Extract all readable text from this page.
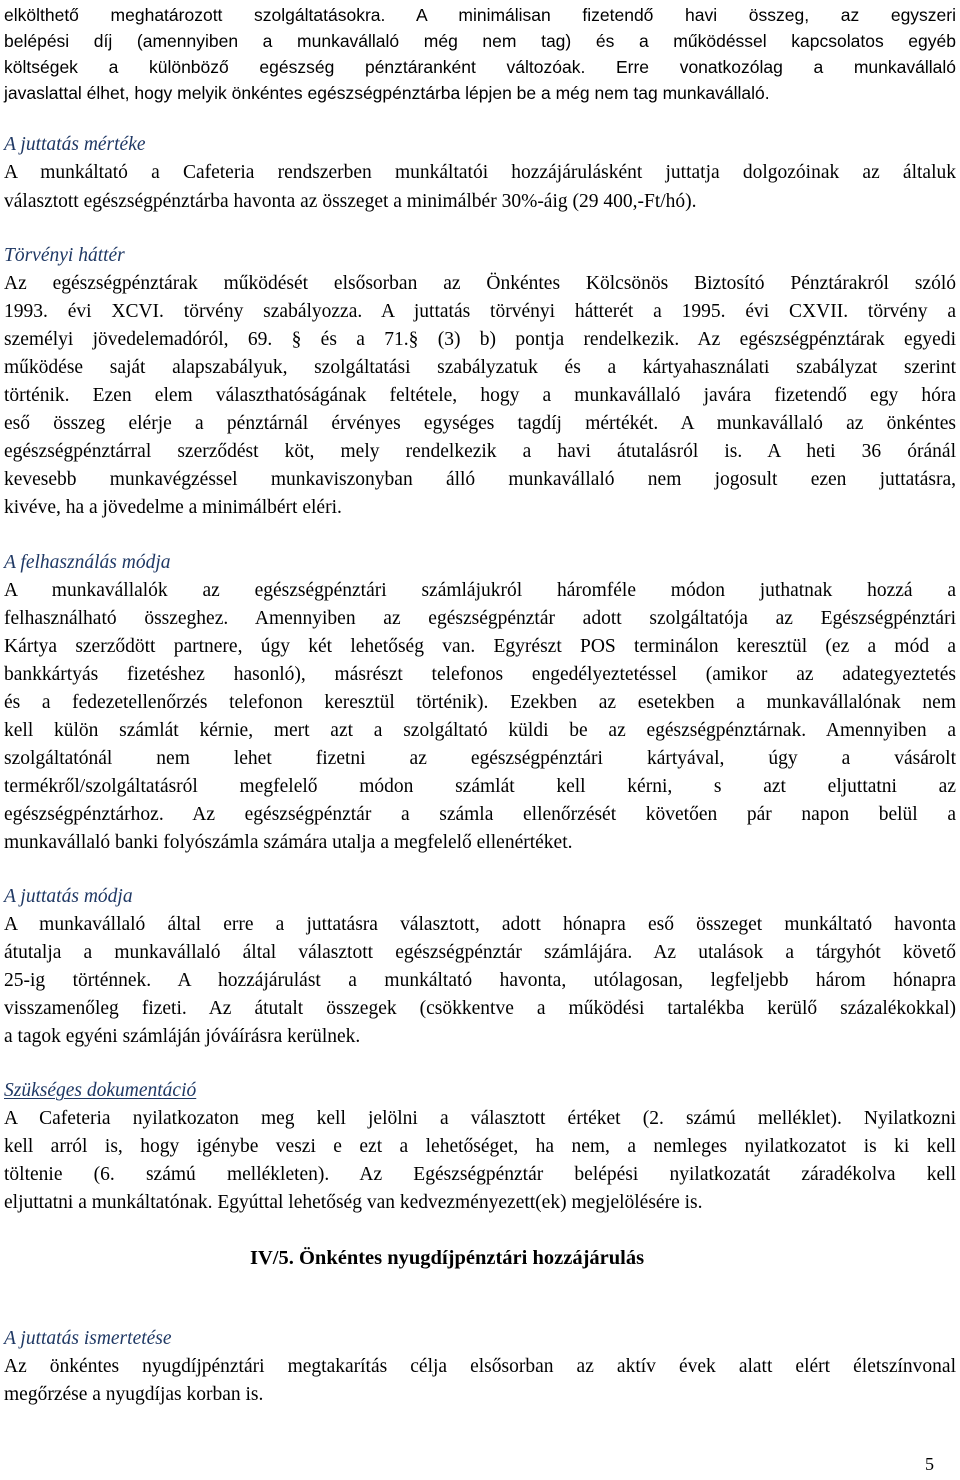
elkölthető meghatározott szolgáltatásokra. A minimálisan fizetendő havi összeg, az egyszeri
belépési díj (amennyiben a munkavállaló még nem tag) és a működéssel kapcsolatos egyéb
költségek a különböző egészség pénztáranként változóak. Erre vonatkozólag a munkavállaló
javaslattal élhet, hogy melyik önkéntes egészségpénztárba lépjen be a még nem tag munkavállaló.
A juttatás mértéke
A munkáltató a Cafeteria rendszerben munkáltatói hozzájárulásként juttatja dolgozóinak az általuk
választott egészségpénztárba havonta az összeget a minimálbér 30%-áig (29 400,-Ft/hó).
Törvényi háttér
Az egészségpénztárak működését elsősorban az Önkéntes Kölcsönös Biztosító Pénztárakról szóló
1993. évi XCVI. törvény szabályozza. A juttatás törvényi hátterét a 1995. évi CXVII. törvény a
személyi jövedelemadóról, 69. § és a 71.§ (3) b) pontja rendelkezik. Az egészségpénztárak egyedi
működése saját alapszabályuk, szolgáltatási szabályzatuk és a kártyahasználati szabályzat szerint
történik. Ezen elem választhatóságának feltétele, hogy a munkavállaló javára fizetendő egy hóra
eső összeg elérje a pénztárnál érvényes egységes tagdíj mértékét. A munkavállaló az önkéntes
egészségpénztárral szerződést köt, mely rendelkezik a havi átutalásról is. A heti 36 óránál
kevesebb munkavégzéssel munkaviszonyban álló munkavállaló nem jogosult ezen juttatásra,
kivéve, ha a jövedelme a minimálbért eléri.
A felhasználás módja
A munkavállalók az egészségpénztári számlájukról háromféle módon juthatnak hozzá a
felhasználható összeghez. Amennyiben az egészségpénztár adott szolgáltatója az Egészségpénztári
Kártya szerződött partnere, úgy két lehetőség van. Egyrészt POS terminálon keresztül (ez a mód a
bankkártyás fizetéshez hasonló), másrészt telefonos engedélyeztetéssel (amikor az adategyeztetés
és a fedezetellenőrzés telefonon keresztül történik). Ezekben az esetekben a munkavállalónak nem
kell külön számlát kérnie, mert azt a szolgáltató küldi be az egészségpénztárnak. Amennyiben a
szolgáltatónál nem lehet fizetni az egészségpénztári kártyával, úgy a vásárolt
termékről/szolgáltatásról megfelelő módon számlát kell kérni, s azt eljuttatni az
egészségpénztárhoz. Az egészségpénztár a számla ellenőrzését követően pár napon belül a
munkavállaló banki folyószámla számára utalja a megfelelő ellenértéket.
A juttatás módja
A munkavállaló által erre a juttatásra választott, adott hónapra eső összeget munkáltató havonta
átutalja a munkavállaló által választott egészségpénztár számlájára. Az utalások a tárgyhót követő
25-ig történnek. A hozzájárulást a munkáltató havonta, utólagosan, legfeljebb három hónapra
visszamenőleg fizeti. Az átutalt összegek (csökkentve a működési tartalékba kerülő százalékokkal)
a tagok egyéni számláján jóváírásra kerülnek.
Szükséges dokumentáció
A Cafeteria nyilatkozaton meg kell jelölni a választott értéket (2. számú melléklet). Nyilatkozni
kell arról is, hogy igénybe veszi e ezt a lehetőséget, ha nem, a nemleges nyilatkozatot is ki kell
töltenie (6. számú mellékleten). Az Egészségpénztár belépési nyilatkozatát záradékolva kell
eljuttatni a munkáltatónak. Egyúttal lehetőség van kedvezményezett(ek) megjelölésére is.
IV/5. Önkéntes nyugdíjpénztári hozzájárulás
A juttatás ismertetése
Az önkéntes nyugdíjpénztári megtakarítás célja elsősorban az aktív évek alatt elért életszínvonal
megőrzése a nyugdíjas korban is.
5
